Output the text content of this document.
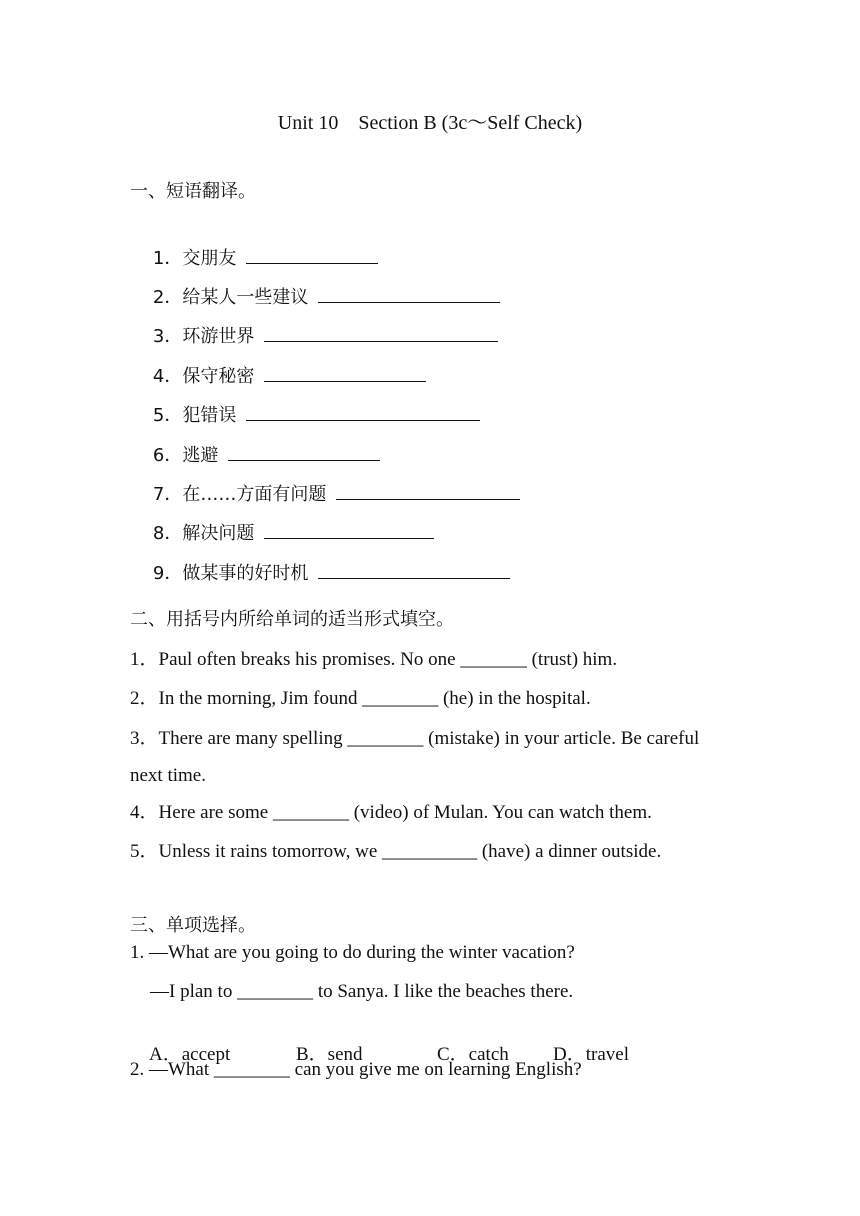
Unit 10    Section B (3c～Self Check)
一、短语翻译。

1．交朋友

2．给某人一些建议

3．环游世界

4．保守秘密

5．犯错误

6．逃避

7．在……方面有问题

8．解决问题

9．做某事的好时机

二、用括号内所给单词的适当形式填空。
1．Paul often breaks his promises. No one _______ (trust) him.
2．In the morning, Jim found ________ (he) in the hospital.
3．There are many spelling ________ (mistake) in your article. Be careful
next time.
4．Here are some ________ (video) of Mulan. You can watch them.
5．Unless it rains tomorrow, we __________ (have) a dinner outside.
三、单项选择。
1. —What are you going to do during the winter vacation?
—I plan to ________ to Sanya. I like the beaches there.

A．accept	B．send	C．catch D．travel

2. —What ________ can you give me on learning English?
